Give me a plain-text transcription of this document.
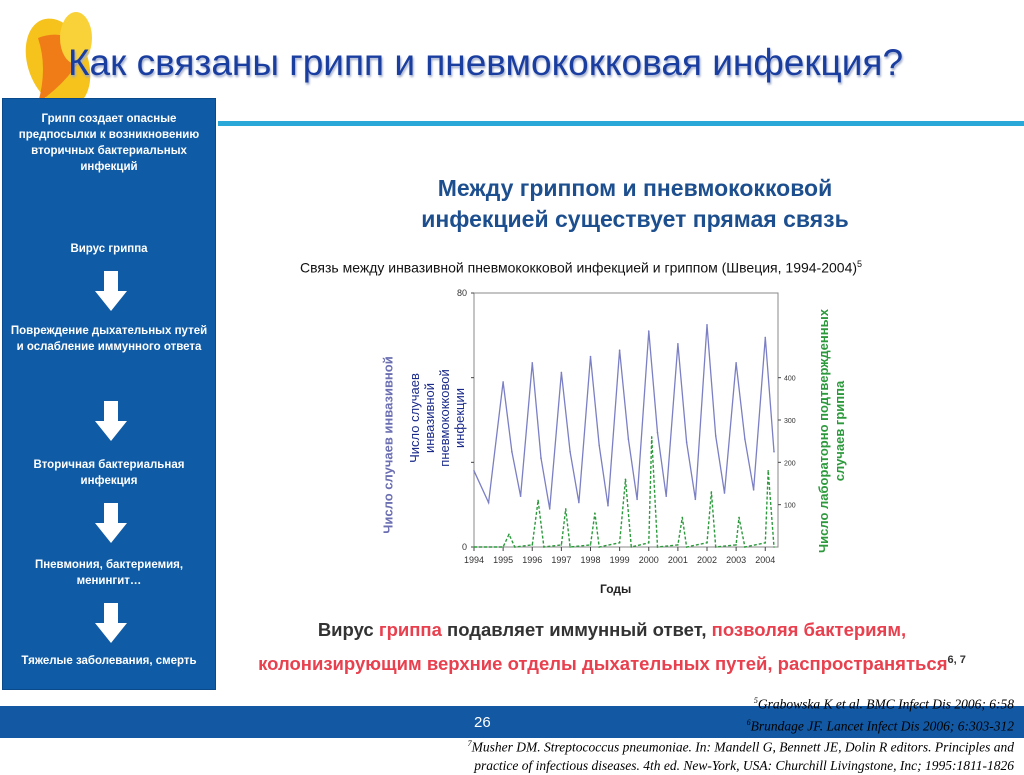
Как связаны грипп и пневмококковая инфекция?
Грипп создает опасные предпосылки к возникновению вторичных бактериальных инфекций
Вирус гриппа
Повреждение дыхательных путей и ослабление иммунного ответа
Вторичная бактериальная инфекция
Пневмония, бактериемия, менингит…
Тяжелые заболевания, смерть
Между гриппом и пневмококковой
инфекцией существует прямая связь
Связь между инвазивной пневмококковой инфекцией и гриппом (Швеция, 1994-2004)$^5$
1994 1995 1996 1997 1998 1999 2000 2001 2002 2003 2004
0
80
100
200
300
400
Число случаев инвазивной Число случаев инвазивной пневмококковой инфекции	Число лабораторно подтвержденных случаев гриппа
Годы
Вирус гриппа подавляет иммунный ответ, позволяя бактериям,
колонизирующим верхние отделы дыхательных путей, распространяться$^{6, 7}$
26
$^5$Grabowska K et al. BMC Infect Dis 2006; 6:58
$^6$Brundage JF. Lancet Infect Dis 2006; 6:303-312
$^7$Musher DM. Streptococcus pneumoniae. In: Mandell G, Bennett JE, Dolin R editors. Principles and
practice of infectious diseases. 4th ed. New-York, USA: Churchill Livingstone, Inc; 1995:1811-1826
